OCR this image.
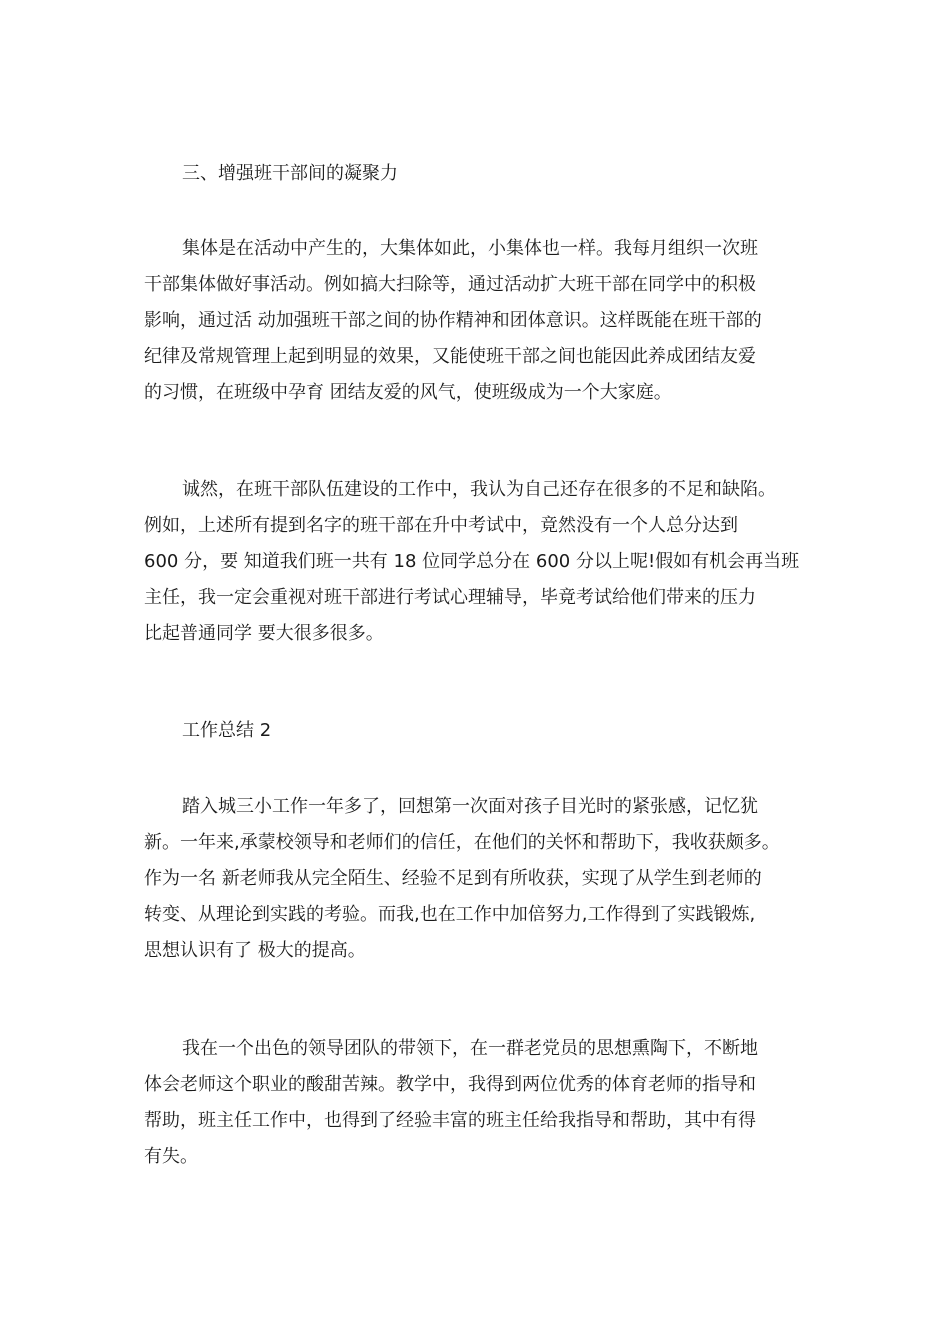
三、增强班干部间的凝聚力
集体是在活动中产生的，大集体如此，小集体也一样。我每月组织一次班
干部集体做好事活动。例如搞大扫除等，通过活动扩大班干部在同学中的积极
影响，通过活 动加强班干部之间的协作精神和团体意识。这样既能在班干部的
纪律及常规管理上起到明显的效果，又能使班干部之间也能因此养成团结友爱
的习惯，在班级中孕育 团结友爱的风气，使班级成为一个大家庭。
诚然，在班干部队伍建设的工作中，我认为自己还存在很多的不足和缺陷。
例如，上述所有提到名字的班干部在升中考试中，竟然没有一个人总分达到
600 分，要 知道我们班一共有 18 位同学总分在 600 分以上呢!假如有机会再当班
主任，我一定会重视对班干部进行考试心理辅导，毕竟考试给他们带来的压力
比起普通同学 要大很多很多。
工作总结 2
踏入城三小工作一年多了，回想第一次面对孩子目光时的紧张感，记忆犹
新。一年来,承蒙校领导和老师们的信任，在他们的关怀和帮助下，我收获颇多。
作为一名 新老师我从完全陌生、经验不足到有所收获，实现了从学生到老师的
转变、从理论到实践的考验。而我,也在工作中加倍努力,工作得到了实践锻炼,
思想认识有了 极大的提高。
我在一个出色的领导团队的带领下，在一群老党员的思想熏陶下，不断地
体会老师这个职业的酸甜苦辣。教学中，我得到两位优秀的体育老师的指导和
帮助，班主任工作中，也得到了经验丰富的班主任给我指导和帮助，其中有得
有失。
